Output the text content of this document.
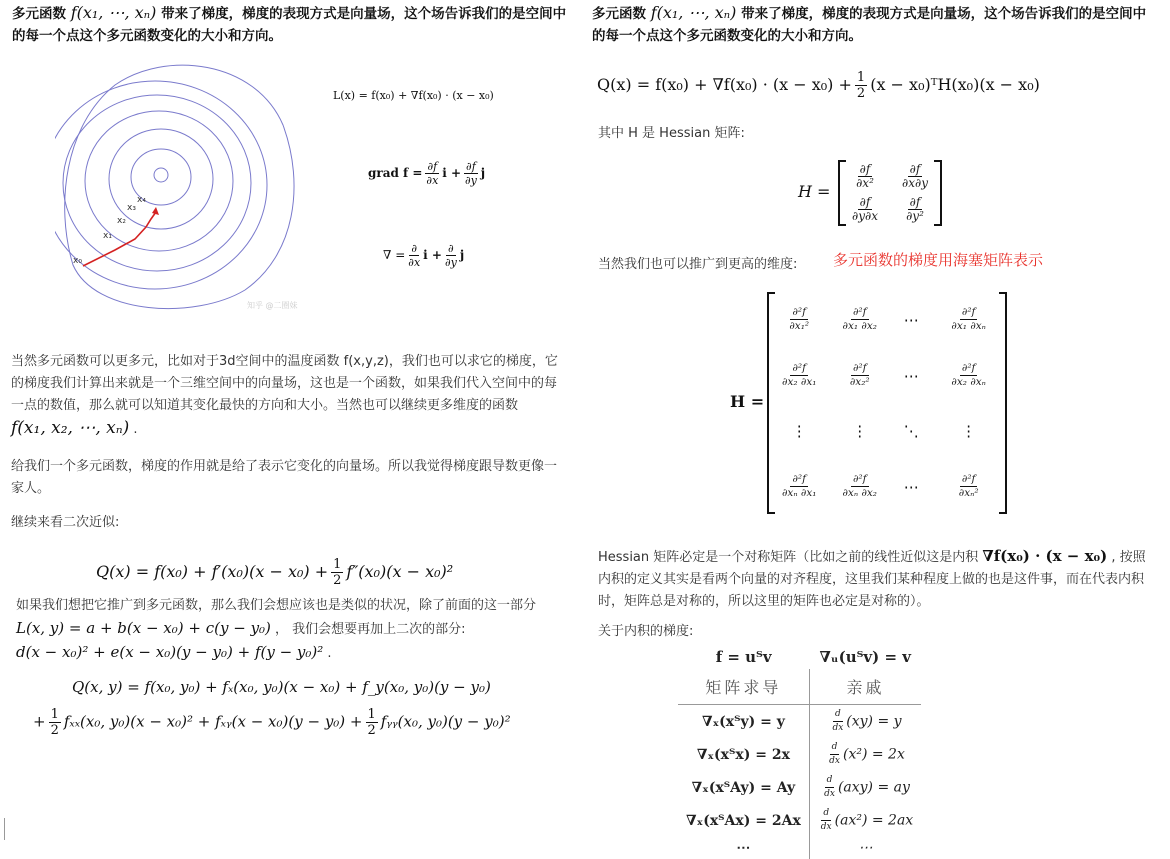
多元函数 f(x₁, ⋯, xₙ) 带来了梯度，梯度的表现方式是向量场，这个场告诉我们的是空间中的每一个点这个多元函数变化的大小和方向。
x₀
x₁
x₂
x₃
x₄
知乎 @二圈妹
L(x) = f(x₀) + ∇f(x₀) · (x − x₀)
grad $f = \frac{\partial f}{\partial x}$ $i + \frac{\partial f}{\partial y}$ j
∇ = ∂
∂x
i + ∂
∂y
j
当然多元函数可以更多元，比如对于3d空间中的温度函数 f(x,y,z)，我们也可以求它的梯度，它的梯度我们计算出来就是一个三维空间中的向量场，这也是一个函数，如果我们代入空间中的每一点的数值，那么就可以知道其变化最快的方向和大小。当然也可以继续更多维度的函数
f(x₁, x₂, ⋯, xₙ) .
给我们一个多元函数，梯度的作用就是给了表示它变化的向量场。所以我觉得梯度跟导数更像一家人。
继续来看二次近似:
$Q(x) = f(x_0) + f'(x_0)(x - x_0) + \frac{1}{2} f''(x_0)(x - x_0)^2$
如果我们想把它推广到多元函数，那么我们会想应该也是类似的状况，除了前面的这一部分
L(x, y) = a + b(x − x₀) + c(y − y₀) ， 我们会想要再加上二次的部分:
d(x − x₀)² + e(x − x₀)(y − y₀) + f(y − y₀)² .
Q(x, y) = f(x₀, y₀) + fₓ(x₀, y₀)(x − x₀) + f_y(x₀, y₀)(y − y₀)
+ $\frac{1}{2} f_{xx}(x_0$, y₀)(x − x₀)² + fₓᵧ(x − $x_0)(y - y_0) + \frac{1}{2}$ fᵧᵧ(x₀, y₀)(y − y₀)²
多元函数 f(x₁, ⋯, xₙ) 带来了梯度，梯度的表现方式是向量场，这个场告诉我们的是空间中的每一个点这个多元函数变化的大小和方向。
$Q(x) = f(x_0) + \nabla f(x_0) \cdot (x - x_0) + \frac{1}{2} (x$ − x₀)ᵀH(x₀)(x − x₀)
其中 H 是 Hessian 矩阵:
H =
$\frac{\partial f}{\text{∂x²}} \frac{\partial f}{\partial x\partial y}$
$\frac{\partial f}{\partial y\partial x} \frac{\partial f}{\text{∂y²}}$
当然我们也可以推广到更高的维度: 多元函数的梯度用海塞矩阵表示
H =
$\frac{\text{∂²f}}{\text{∂x₁²}}$	$\frac{\text{∂²f}}{\text{∂x₁ ∂x₂}}$ ⋯	$\frac{\text{∂²f}}{\text{∂x₁ ∂xₙ}}$
$\frac{\text{∂²f}}{\text{∂x₂ ∂x₁}}$	$\frac{\text{∂²f}}{\text{∂x₂²}}$ ⋯	$\frac{\text{∂²f}}{\text{∂x₂ ∂xₙ}}$
⋮	⋮ ⋱	⋮
$\frac{\text{∂²f}}{\text{∂xₙ ∂x₁}} \frac{\text{∂²f}}{\text{∂xₙ ∂x₂}}$ ⋯	$\frac{\text{∂²f}}{\text{∂xₙ²}}$
Hessian 矩阵必定是一个对称矩阵（比如之前的线性近似这是内积 ∇f(x₀) · (x − x₀) , 按照内积的定义其实是看两个向量的对齐程度，这里我们某种程度上做的也是这件事，而在代表内积时，矩阵总是对称的，所以这里的矩阵也必定是对称的）。
关于内积的梯度:
f = uᵀv	∇ᵤ(uᵀv) = v
矩阵求导	亲戚
∇ₓ(xᵀy) = y	$\frac{d}{dx} (xy) = y$
∇ₓ(xᵀx) = 2x	$\frac{d}{dx} (x^2) = 2x$
∇ₓ(xᵀAy) = Ay	$\frac{d}{dx} (axy)$ = ay
∇ₓ(xᵀAx) = 2Ax	$\frac{d}{dx} (ax^2) = 2ax$
⋯	⋯
